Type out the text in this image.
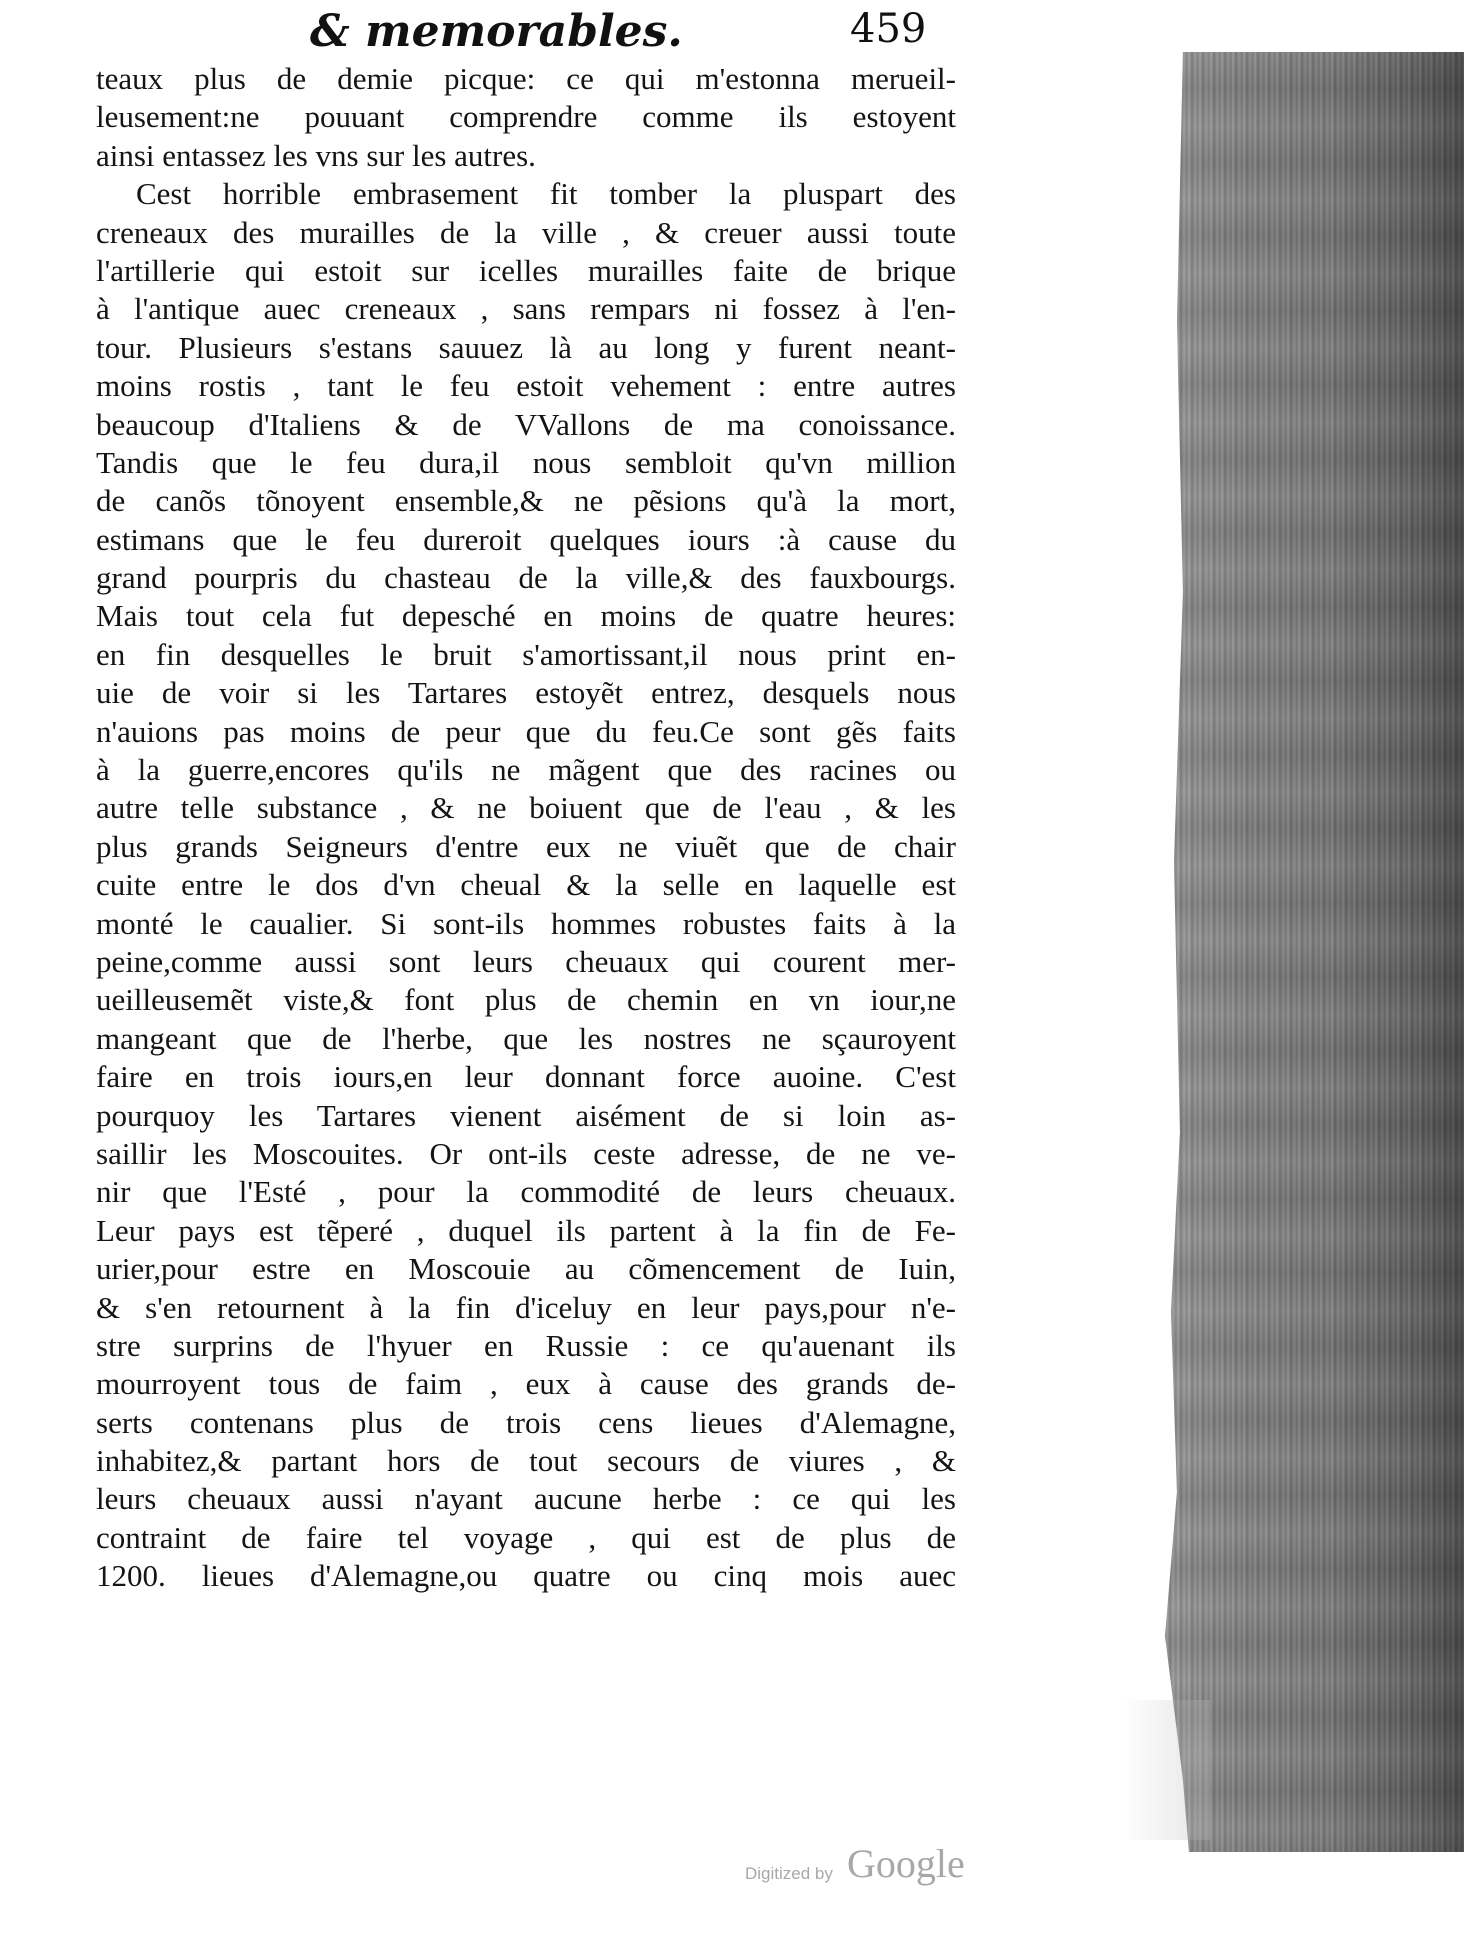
& memorables.	459
teaux plus de demie picque: ce qui m'estonna merueil-
leusement:ne pouuant comprendre comme ils estoyent
ainsi entassez les vns sur les autres.
Cest horrible embrasement fit tomber la pluspart des
creneaux des murailles de la ville , & creuer aussi toute
l'artillerie qui estoit sur icelles murailles faite de brique
à l'antique auec creneaux , sans rempars ni fossez à l'en-
tour. Plusieurs s'estans sauuez là au long y furent neant-
moins rostis , tant le feu estoit vehement : entre autres
beaucoup d'Italiens & de VVallons de ma conoissance.
Tandis que le feu dura,il nous sembloit qu'vn million
de canõs tõnoyent ensemble,& ne pẽsions qu'à la mort,
estimans que le feu dureroit quelques iours :à cause du
grand pourpris du chasteau de la ville,& des fauxbourgs.
Mais tout cela fut depesché en moins de quatre heures:
en fin desquelles le bruit s'amortissant,il nous print en-
uie de voir si les Tartares estoyẽt entrez, desquels nous
n'auions pas moins de peur que du feu.Ce sont gẽs faits
à la guerre,encores qu'ils ne mãgent que des racines ou
autre telle substance , & ne boiuent que de l'eau , & les
plus grands Seigneurs d'entre eux ne viuẽt que de chair
cuite entre le dos d'vn cheual & la selle en laquelle est
monté le caualier. Si sont-ils hommes robustes faits à la
peine,comme aussi sont leurs cheuaux qui courent mer-
ueilleusemẽt viste,& font plus de chemin en vn iour,ne
mangeant que de l'herbe, que les nostres ne sçauroyent
faire en trois iours,en leur donnant force auoine. C'est
pourquoy les Tartares vienent aisément de si loin as-
saillir les Moscouites. Or ont-ils ceste adresse, de ne ve-
nir que l'Esté , pour la commodité de leurs cheuaux.
Leur pays est tẽperé , duquel ils partent à la fin de Fe-
urier,pour estre en Moscouie au cõmencement de Iuin,
& s'en retournent à la fin d'iceluy en leur pays,pour n'e-
stre surprins de l'hyuer en Russie : ce qu'auenant ils
mourroyent tous de faim , eux à cause des grands de-
serts contenans plus de trois cens lieues d'Alemagne,
inhabitez,& partant hors de tout secours de viures , &
leurs cheuaux aussi n'ayant aucune herbe : ce qui les
contraint de faire tel voyage , qui est de plus de
1200. lieues d'Alemagne,ou quatre ou cinq mois auec
Digitized by Google
